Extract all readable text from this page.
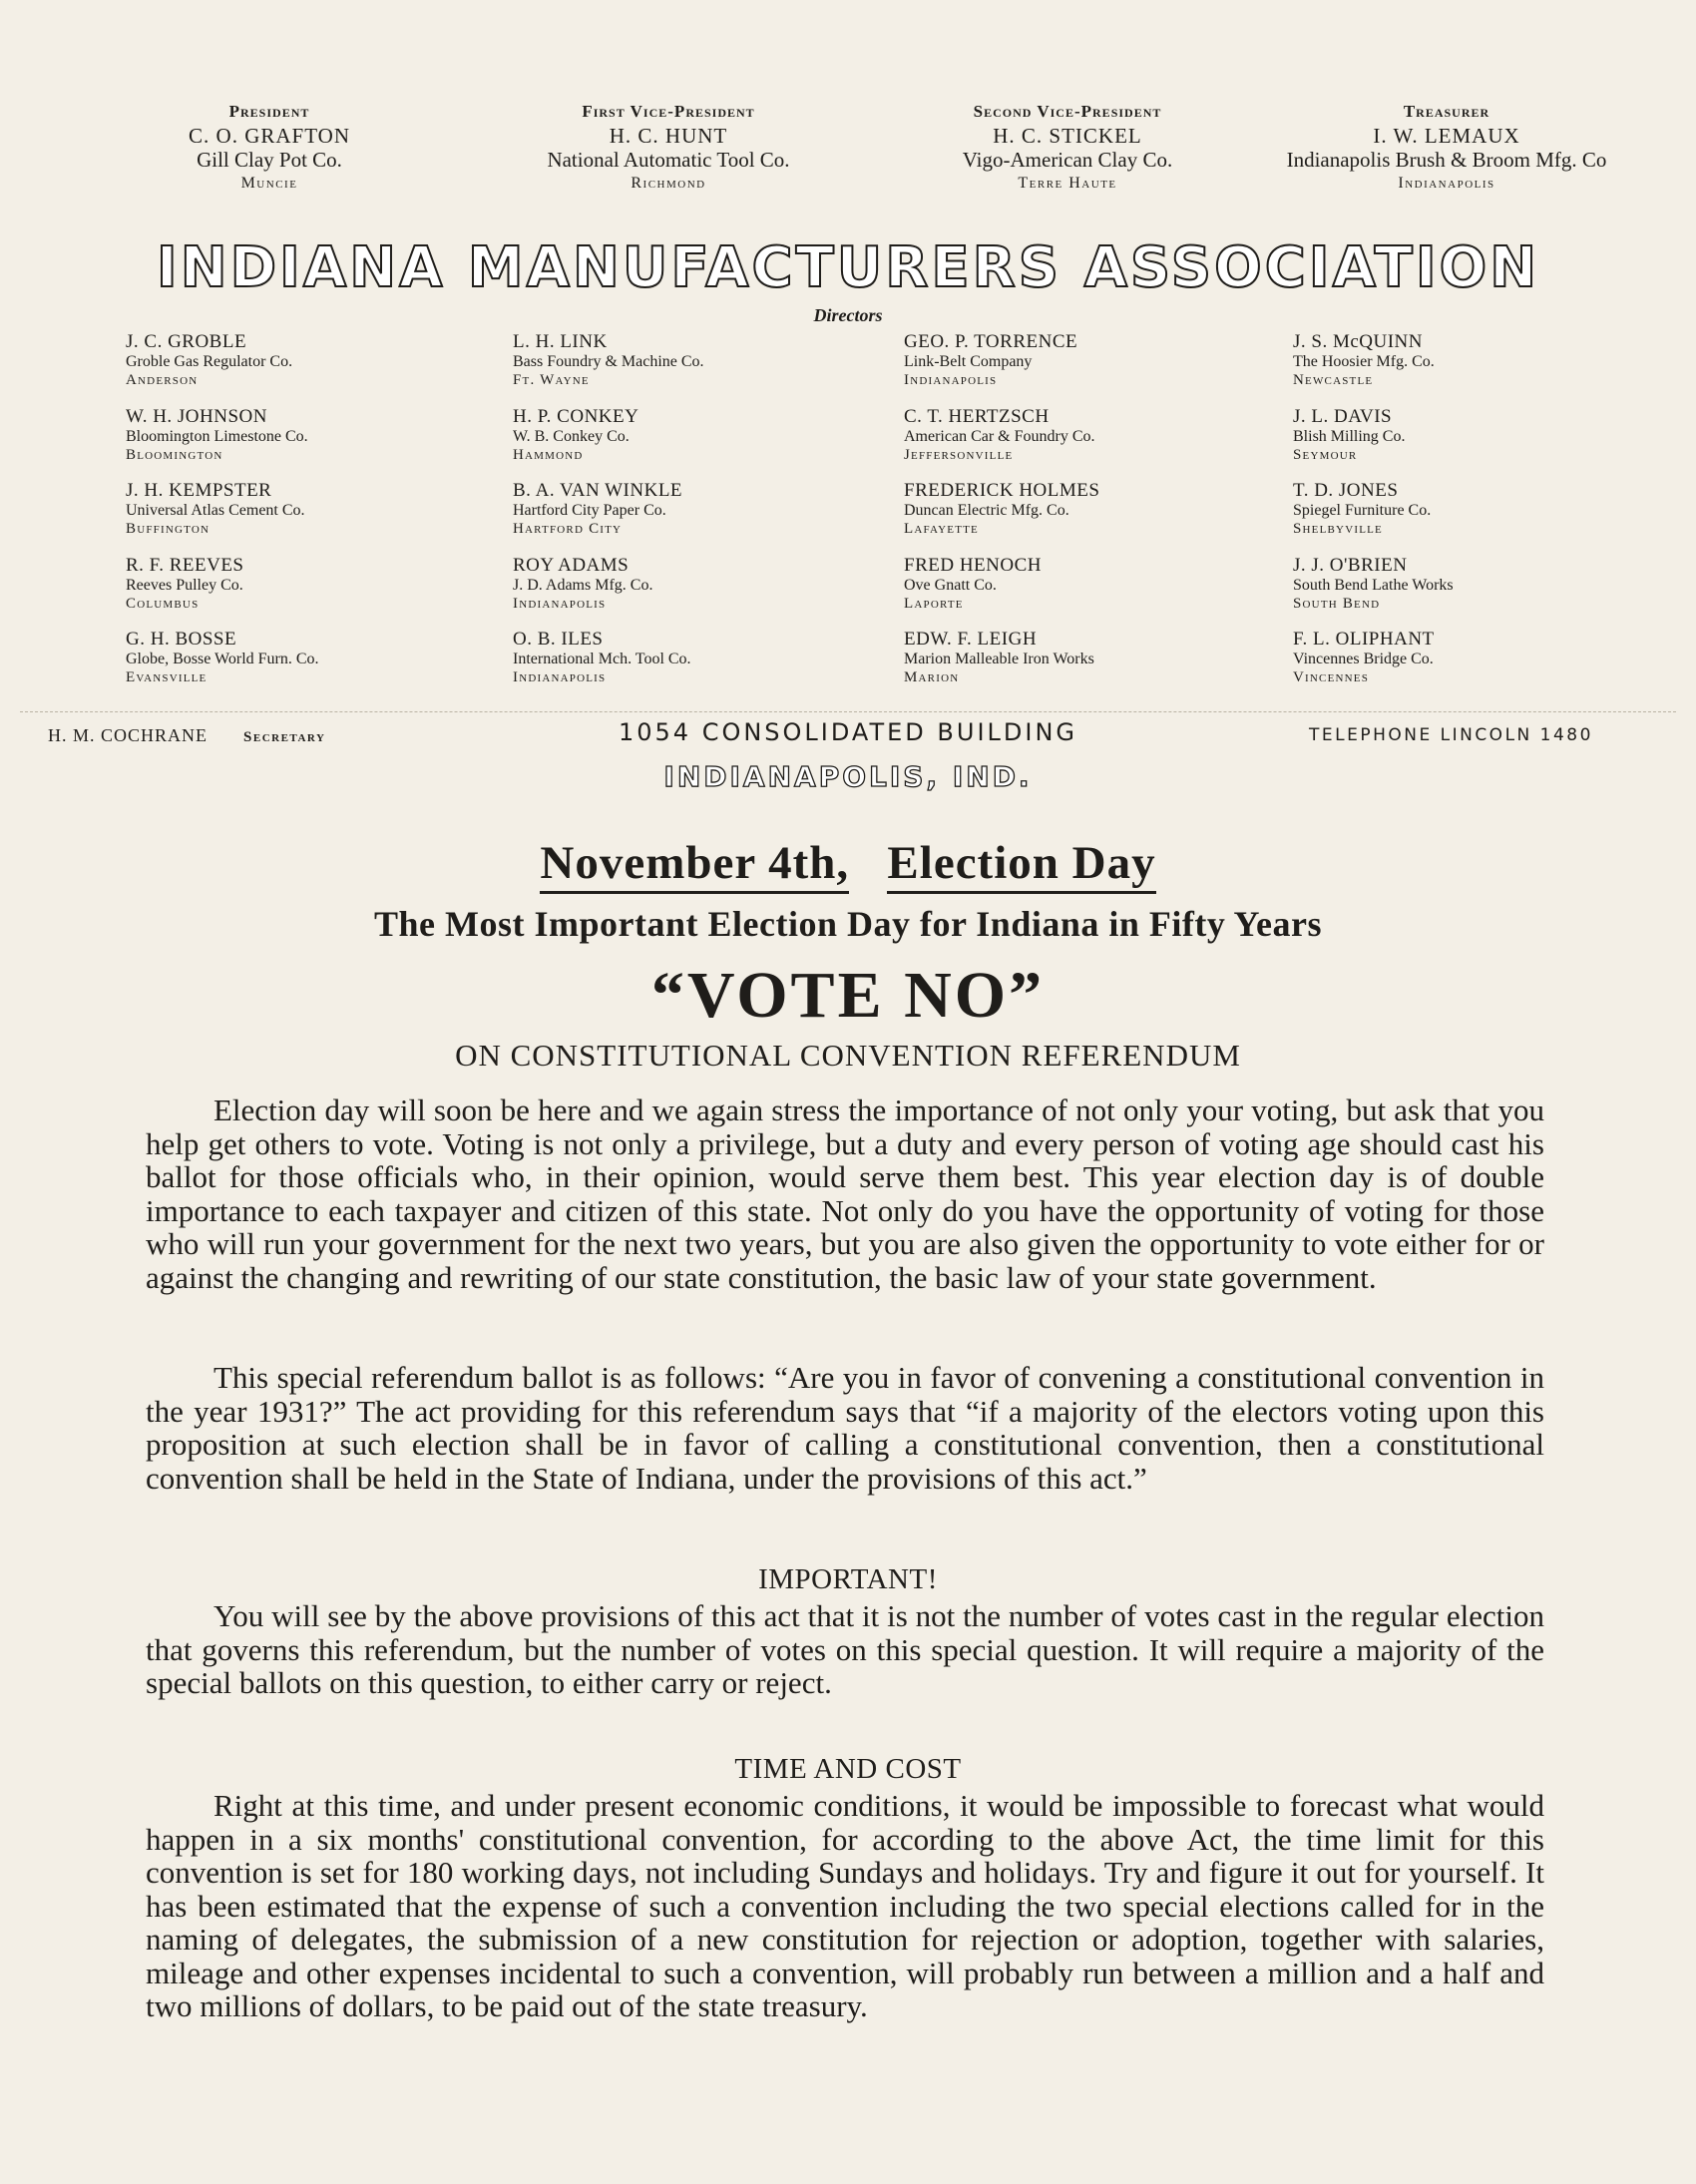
President
C. O. GRAFTON
Gill Clay Pot Co.
Muncie
First Vice-President
H. C. HUNT
National Automatic Tool Co.
Richmond
Second Vice-President
H. C. STICKEL
Vigo-American Clay Co.
Terre Haute
Treasurer
I. W. LEMAUX
Indianapolis Brush & Broom Mfg. Co
Indianapolis
INDIANA MANUFACTURERS ASSOCIATION
Directors
J. C. GROBLE
Groble Gas Regulator Co.
Anderson
W. H. JOHNSON
Bloomington Limestone Co.
Bloomington
J. H. KEMPSTER
Universal Atlas Cement Co.
Buffington
R. F. REEVES
Reeves Pulley Co.
Columbus
G. H. BOSSE
Globe, Bosse World Furn. Co.
Evansville
L. H. LINK
Bass Foundry & Machine Co.
Ft. Wayne
H. P. CONKEY
W. B. Conkey Co.
Hammond
B. A. VAN WINKLE
Hartford City Paper Co.
Hartford City
ROY ADAMS
J. D. Adams Mfg. Co.
Indianapolis
O. B. ILES
International Mch. Tool Co.
Indianapolis
GEO. P. TORRENCE
Link-Belt Company
Indianapolis
C. T. HERTZSCH
American Car & Foundry Co.
Jeffersonville
FREDERICK HOLMES
Duncan Electric Mfg. Co.
Lafayette
FRED HENOCH
Ove Gnatt Co.
Laporte
EDW. F. LEIGH
Marion Malleable Iron Works
Marion
J. S. McQUINN
The Hoosier Mfg. Co.
Newcastle
J. L. DAVIS
Blish Milling Co.
Seymour
T. D. JONES
Spiegel Furniture Co.
Shelbyville
J. J. O'BRIEN
South Bend Lathe Works
South Bend
F. L. OLIPHANT
Vincennes Bridge Co.
Vincennes
H. M. COCHRANE Secretary	1054 CONSOLIDATED BUILDING
INDIANAPOLIS, IND.
TELEPHONE LINCOLN 1480
November 4th, Election Day
The Most Important Election Day for Indiana in Fifty Years
“VOTE NO”
ON CONSTITUTIONAL CONVENTION REFERENDUM

Election day will soon be here and we again stress the importance of not only your voting, but ask that you help get others to vote. Voting is not only a privilege, but a duty and every person of voting age should cast his ballot for those officials who, in their opinion, would serve them best. This year election day is of double importance to each taxpayer and citizen of this state. Not only do you have the opportunity of voting for those who will run your government for the next two years, but you are also given the opportunity to vote either for or against the changing and rewriting of our state constitution, the basic law of your state government.

This special referendum ballot is as follows: “Are you in favor of convening a constitutional convention in the year 1931?” The act providing for this referendum says that “if a majority of the electors voting upon this proposition at such election shall be in favor of calling a constitutional convention, then a constitutional convention shall be held in the State of Indiana, under the provisions of this act.”

IMPORTANT!

You will see by the above provisions of this act that it is not the number of votes cast in the regular election that governs this referendum, but the number of votes on this special question. It will require a majority of the special ballots on this question, to either carry or reject.

TIME AND COST

Right at this time, and under present economic conditions, it would be impossible to forecast what would happen in a six months' constitutional convention, for according to the above Act, the time limit for this convention is set for 180 working days, not including Sundays and holidays. Try and figure it out for yourself. It has been estimated that the expense of such a convention including the two special elections called for in the naming of delegates, the submission of a new constitution for rejection or adoption, together with salaries, mileage and other expenses incidental to such a convention, will probably run between a million and a half and two millions of dollars, to be paid out of the state treasury.
